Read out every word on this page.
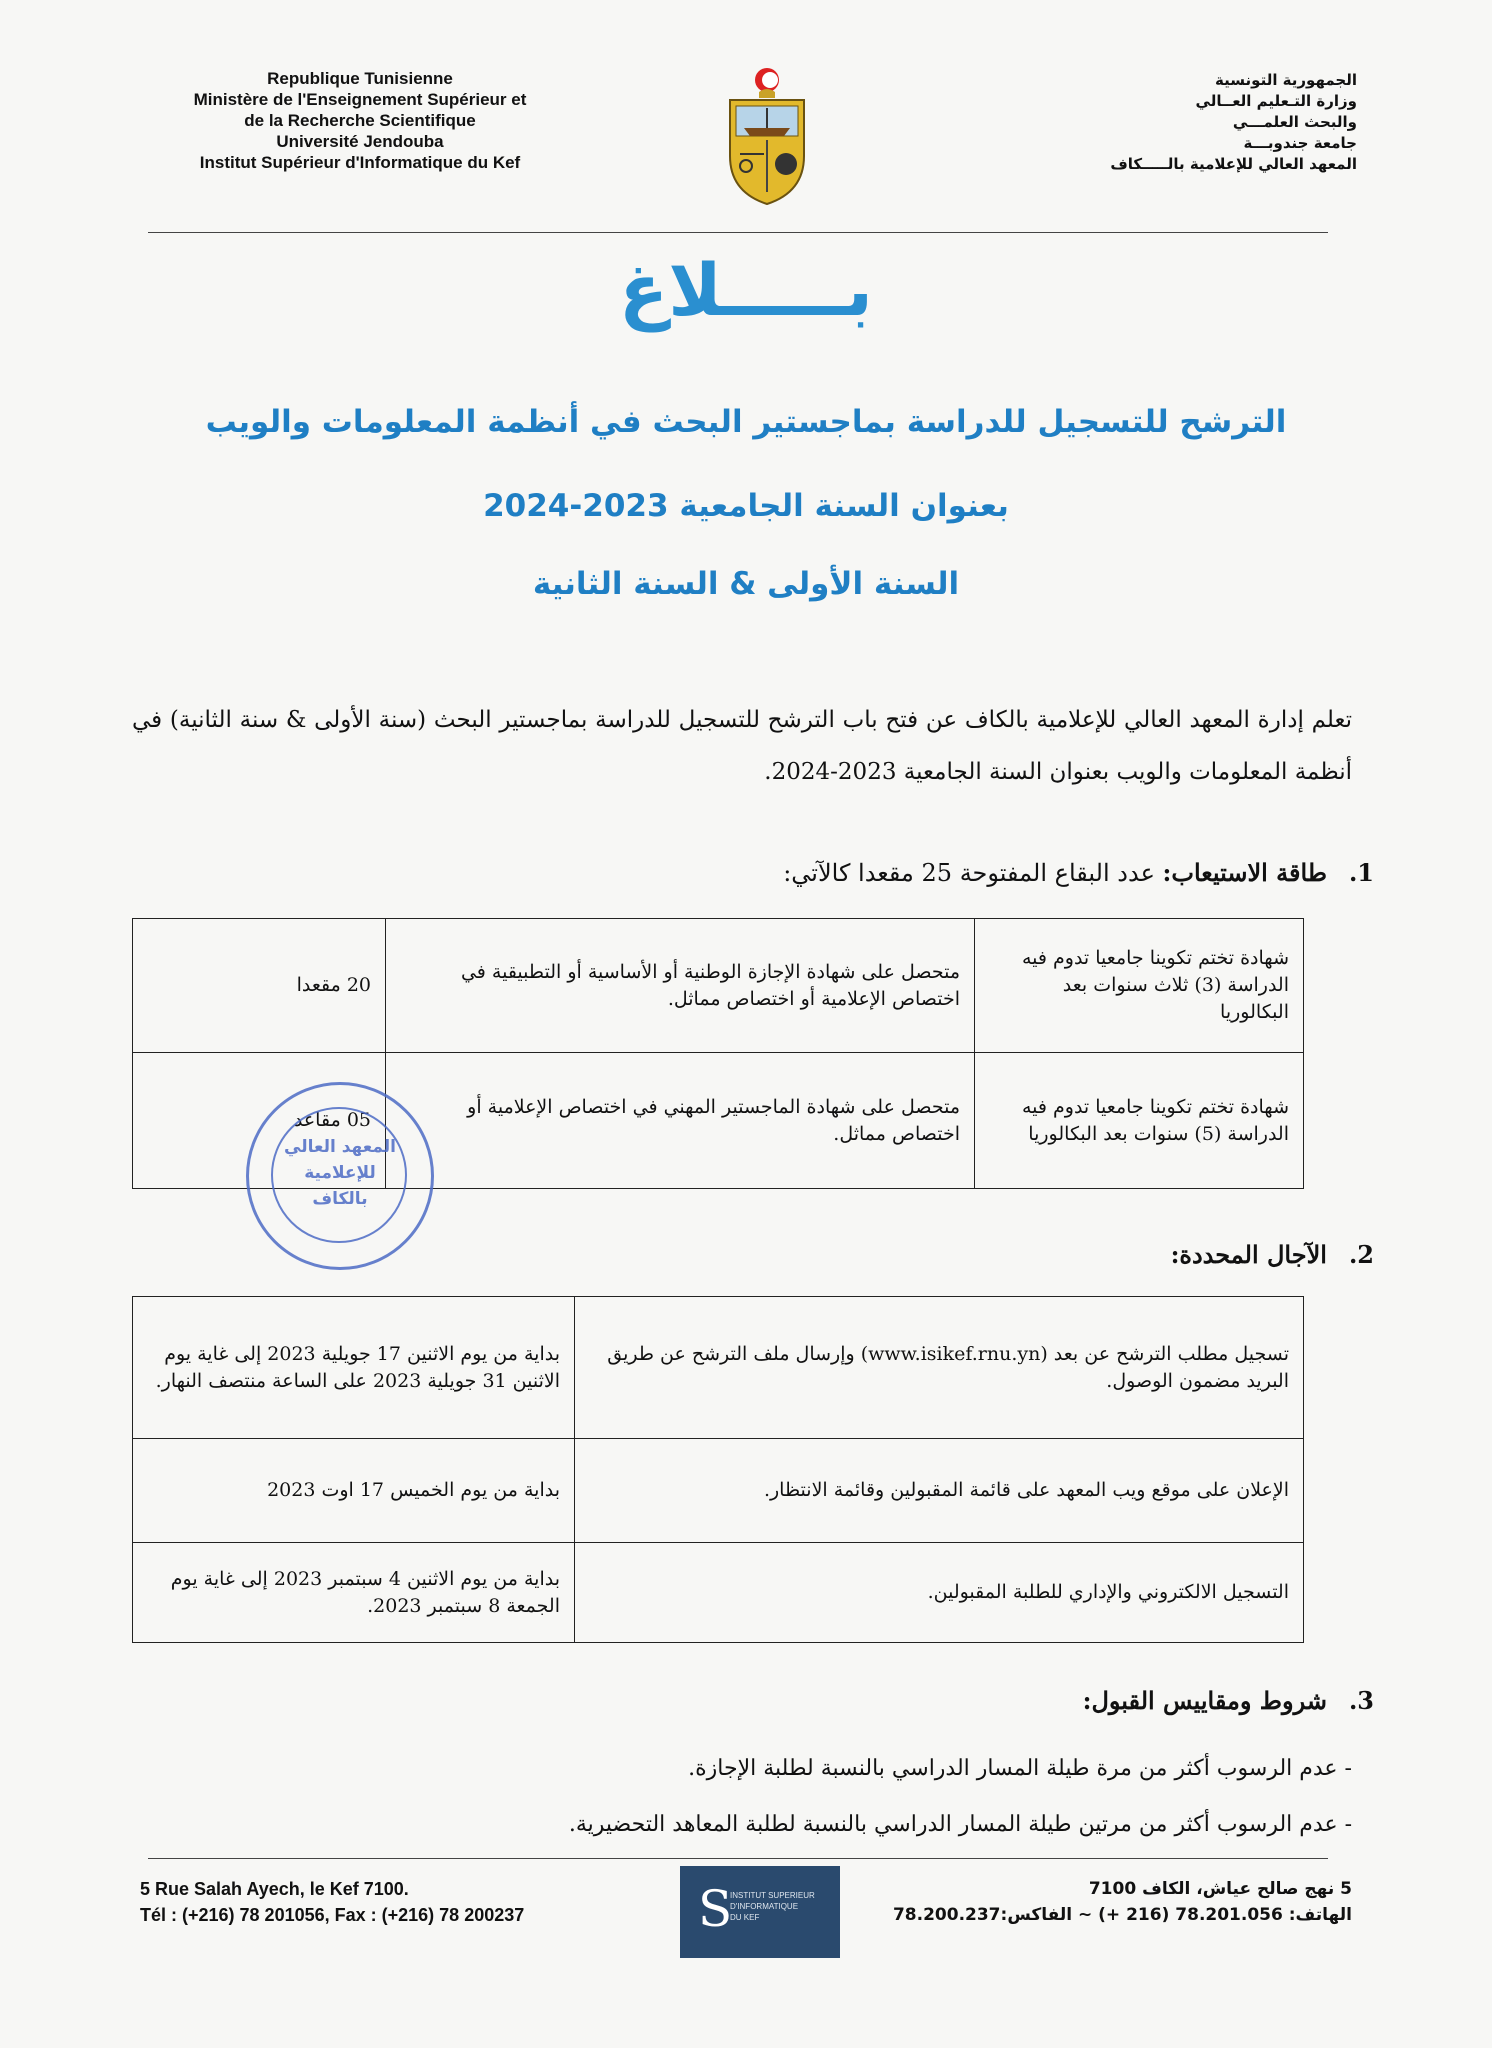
Republique Tunisienne
Ministère de l'Enseignement Supérieur et
de la Recherche Scientifique
Université Jendouba
Institut Supérieur d'Informatique du Kef
الجمهورية التونسية
وزارة التـعليم العــالي
والبحث العلمـــي
جامعة جندوبـــة
المعهد العالي للإعلامية بالـــــكاف
بـــــلاغ
الترشح للتسجيل للدراسة بماجستير البحث في أنظمة المعلومات والويب
بعنوان السنة الجامعية 2023-2024
السنة الأولى & السنة الثانية
تعلم إدارة المعهد العالي للإعلامية بالكاف عن فتح باب الترشح للتسجيل للدراسة بماجستير البحث (سنة الأولى & سنة الثانية) في أنظمة المعلومات والويب بعنوان السنة الجامعية 2023-2024.
1.طاقة الاستيعاب: عدد البقاع المفتوحة 25 مقعدا كالآتي:
شهادة تختم تكوينا جامعيا تدوم فيه الدراسة (3) ثلاث سنوات بعد البكالوريا	متحصل على شهادة الإجازة الوطنية أو الأساسية أو التطبيقية في اختصاص الإعلامية أو اختصاص مماثل.	20 مقعدا
شهادة تختم تكوينا جامعيا تدوم فيه الدراسة (5) سنوات بعد البكالوريا	متحصل على شهادة الماجستير المهني في اختصاص الإعلامية أو اختصاص مماثل.	05 مقاعد
المعهد العالي
للإعلامية
بالكاف
2.الآجال المحددة:
تسجيل مطلب الترشح عن بعد (www.isikef.rnu.yn) وإرسال ملف الترشح عن طريق البريد مضمون الوصول.	بداية من يوم الاثنين 17 جويلية 2023 إلى غاية يوم الاثنين 31 جويلية 2023 على الساعة منتصف النهار.
الإعلان على موقع ويب المعهد على قائمة المقبولين وقائمة الانتظار.	بداية من يوم الخميس 17 اوت 2023
التسجيل الالكتروني والإداري للطلبة المقبولين.	بداية من يوم الاثنين 4 سبتمبر 2023 إلى غاية يوم الجمعة 8 سبتمبر 2023.
3.شروط ومقاييس القبول:
- عدم الرسوب أكثر من مرة طيلة المسار الدراسي بالنسبة لطلبة الإجازة.
- عدم الرسوب أكثر من مرتين طيلة المسار الدراسي بالنسبة لطلبة المعاهد التحضيرية.
5 Rue Salah Ayech, le Kef 7100.
Tél : (+216) 78 201056, Fax : (+216) 78 200237	S
INSTITUT SUPERIEUR
D'INFORMATIQUE
DU KEF
5 نهج صالح عياش، الكاف 7100
الهاتف: 78.201.056 (216 +) ~ الفاكس:78.200.237
